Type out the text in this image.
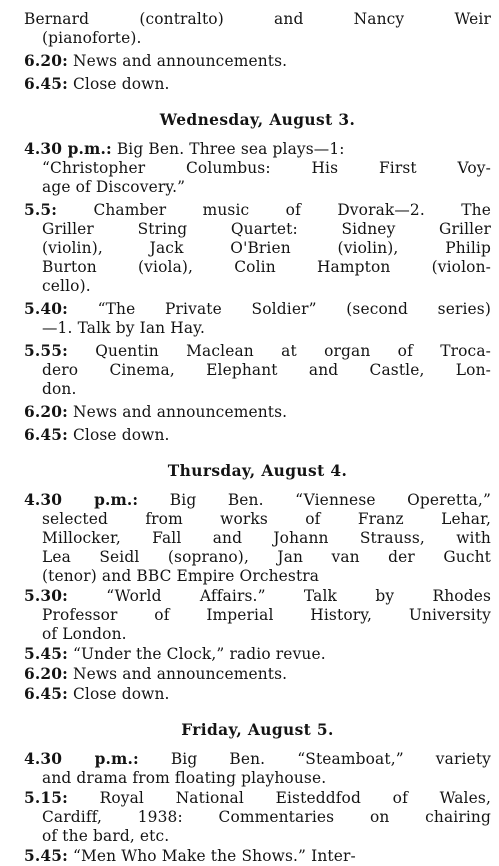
Bernard (contralto) and Nancy Weir
(pianoforte).
6.20: News and announcements.
6.45: Close down.
Wednesday, August 3.
4.30 p.m.: Big Ben. Three sea plays—1:
“Christopher Columbus: His First Voy-
age of Discovery.”
5.5: Chamber music of Dvorak—2. The
Griller String Quartet: Sidney Griller
(violin), Jack O'Brien (violin), Philip
Burton (viola), Colin Hampton (violon-
cello).
5.40: “The Private Soldier” (second series)
—1. Talk by Ian Hay.
5.55: Quentin Maclean at organ of Troca-
dero Cinema, Elephant and Castle, Lon-
don.
6.20: News and announcements.
6.45: Close down.
Thursday, August 4.
4.30 p.m.: Big Ben. “Viennese Operetta,”
selected from works of Franz Lehar,
Millocker, Fall and Johann Strauss, with
Lea Seidl (soprano), Jan van der Gucht
(tenor) and BBC Empire Orchestra
5.30: “World Affairs.” Talk by Rhodes
Professor of Imperial History, University
of London.
5.45: “Under the Clock,” radio revue.
6.20: News and announcements.
6.45: Close down.
Friday, August 5.
4.30 p.m.: Big Ben. “Steamboat,” variety
and drama from floating playhouse.
5.15: Royal National Eisteddfod of Wales,
Cardiff, 1938: Commentaries on chairing
of the bard, etc.
5.45: “Men Who Make the Shows.” Inter-
